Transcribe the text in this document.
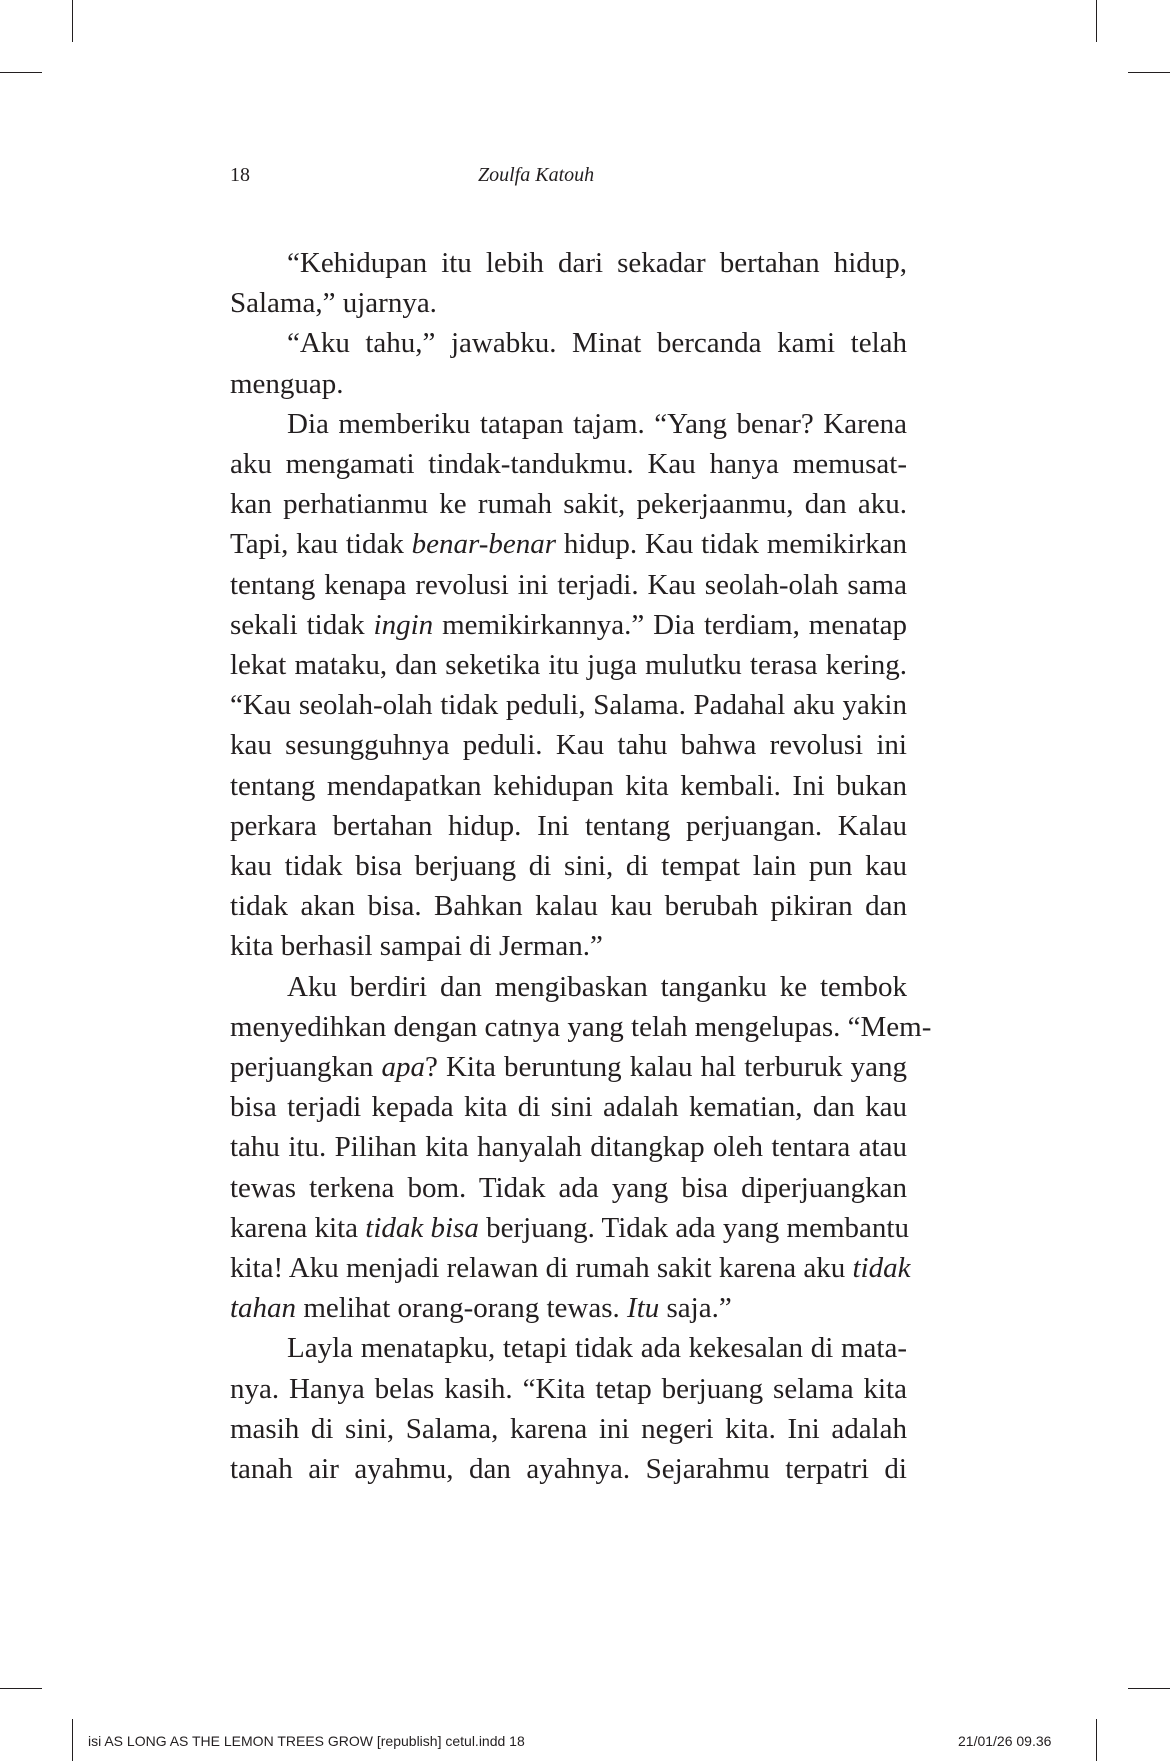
18	Zoulfa Katouh

“Kehidupan itu lebih dari sekadar bertahan hidup,
Salama,” ujarnya.

“Aku tahu,” jawabku. Minat bercanda kami telah
menguap.

Dia memberiku tatapan tajam. “Yang benar? Karena
aku mengamati tindak-tandukmu. Kau hanya memusat-
kan perhatianmu ke rumah sakit, pekerjaanmu, dan aku.
Tapi, kau tidak benar-benar hidup. Kau tidak memikirkan
tentang kenapa revolusi ini terjadi. Kau seolah-olah sama
sekali tidak ingin memikirkannya.” Dia terdiam, menatap
lekat mataku, dan seketika itu juga mulutku terasa kering.
“Kau seolah-olah tidak peduli, Salama. Padahal aku yakin
kau sesungguhnya peduli. Kau tahu bahwa revolusi ini
tentang mendapatkan kehidupan kita kembali. Ini bukan
perkara bertahan hidup. Ini tentang perjuangan. Kalau
kau tidak bisa berjuang di sini, di tempat lain pun kau
tidak akan bisa. Bahkan kalau kau berubah pikiran dan
kita berhasil sampai di Jerman.”

Aku berdiri dan mengibaskan tanganku ke tembok
menyedihkan dengan catnya yang telah mengelupas. “Mem-
perjuangkan apa? Kita beruntung kalau hal terburuk yang
bisa terjadi kepada kita di sini adalah kematian, dan kau
tahu itu. Pilihan kita hanyalah ditangkap oleh tentara atau
tewas terkena bom. Tidak ada yang bisa diperjuangkan
karena kita tidak bisa berjuang. Tidak ada yang membantu
kita! Aku menjadi relawan di rumah sakit karena aku tidak
tahan melihat orang-orang tewas. Itu saja.”

Layla menatapku, tetapi tidak ada kekesalan di mata-
nya. Hanya belas kasih. “Kita tetap berjuang selama kita
masih di sini, Salama, karena ini negeri kita. Ini adalah
tanah air ayahmu, dan ayahnya. Sejarahmu terpatri di

isi AS LONG AS THE LEMON TREES GROW [republish] cetul.indd 18	21/01/26 09.36
